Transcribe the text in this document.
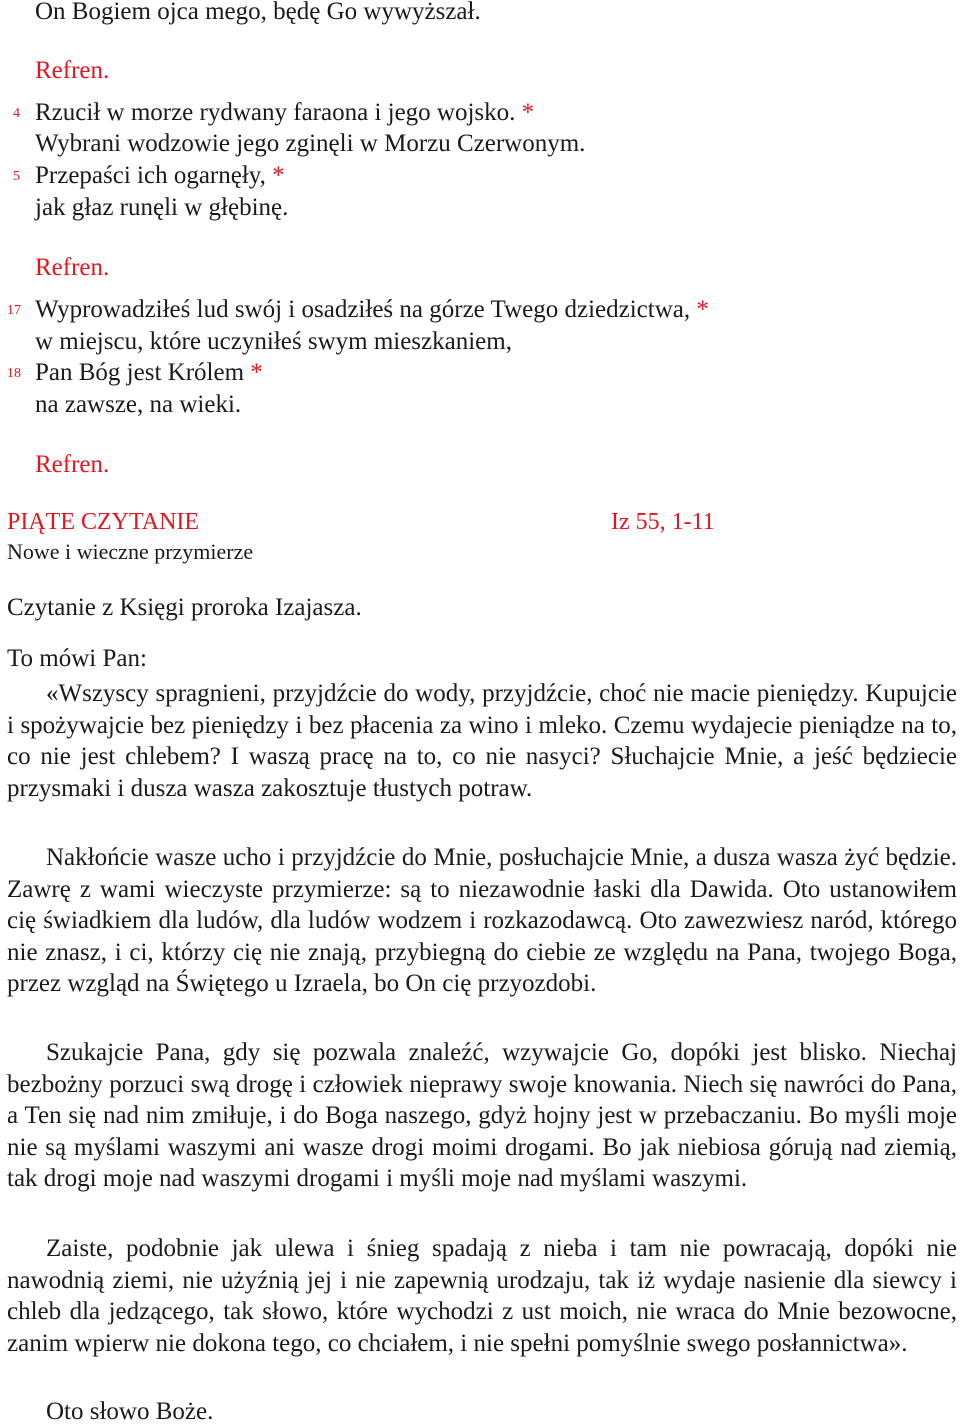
On Bogiem ojca mego, będę Go wywyższał.
Refren.
4 Rzucił w morze rydwany faraona i jego wojsko. *
Wybrani wodzowie jego zginęli w Morzu Czerwonym.
5 Przepaści ich ogarnęły, *
jak głaz runęli w głębinę.
Refren.
17 Wyprowadziłeś lud swój i osadziłeś na górze Twego dziedzictwa, *
w miejscu, które uczyniłeś swym mieszkaniem,
18 Pan Bóg jest Królem *
na zawsze, na wieki.
Refren.
PIĄTE CZYTANIE	Iz 55, 1-11
Nowe i wieczne przymierze
Czytanie z Księgi proroka Izajasza.
To mówi Pan:
«Wszyscy spragnieni, przyjdźcie do wody, przyjdźcie, choć nie macie pieniędzy. Kupujcie i spożywajcie bez pieniędzy i bez płacenia za wino i mleko. Czemu wydajecie pieniądze na to, co nie jest chlebem? I waszą pracę na to, co nie nasyci? Słuchajcie Mnie, a jeść będziecie przysmaki i dusza wasza zakosztuje tłustych potraw.
Nakłońcie wasze ucho i przyjdźcie do Mnie, posłuchajcie Mnie, a dusza wasza żyć będzie. Zawrę z wami wieczyste przymierze: są to niezawodnie łaski dla Dawida. Oto ustanowiłem cię świadkiem dla ludów, dla ludów wodzem i rozkazodawcą. Oto zawezwiesz naród, którego nie znasz, i ci, którzy cię nie znają, przybiegną do ciebie ze względu na Pana, twojego Boga, przez wzgląd na Świętego u Izraela, bo On cię przyozdobi.
Szukajcie Pana, gdy się pozwala znaleźć, wzywajcie Go, dopóki jest blisko. Niechaj bezbożny porzuci swą drogę i człowiek nieprawy swoje knowania. Niech się nawróci do Pana, a Ten się nad nim zmiłuje, i do Boga naszego, gdyż hojny jest w przebaczaniu. Bo myśli moje nie są myślami waszymi ani wasze drogi moimi drogami. Bo jak niebiosa górują nad ziemią, tak drogi moje nad waszymi drogami i myśli moje nad myślami waszymi.
Zaiste, podobnie jak ulewa i śnieg spadają z nieba i tam nie powracają, dopóki nie nawodnią ziemi, nie użyźnią jej i nie zapewnią urodzaju, tak iż wydaje nasienie dla siewcy i chleb dla jedzącego, tak słowo, które wychodzi z ust moich, nie wraca do Mnie bezowocne, zanim wpierw nie dokona tego, co chciałem, i nie spełni pomyślnie swego posłannictwa».
Oto słowo Boże.
